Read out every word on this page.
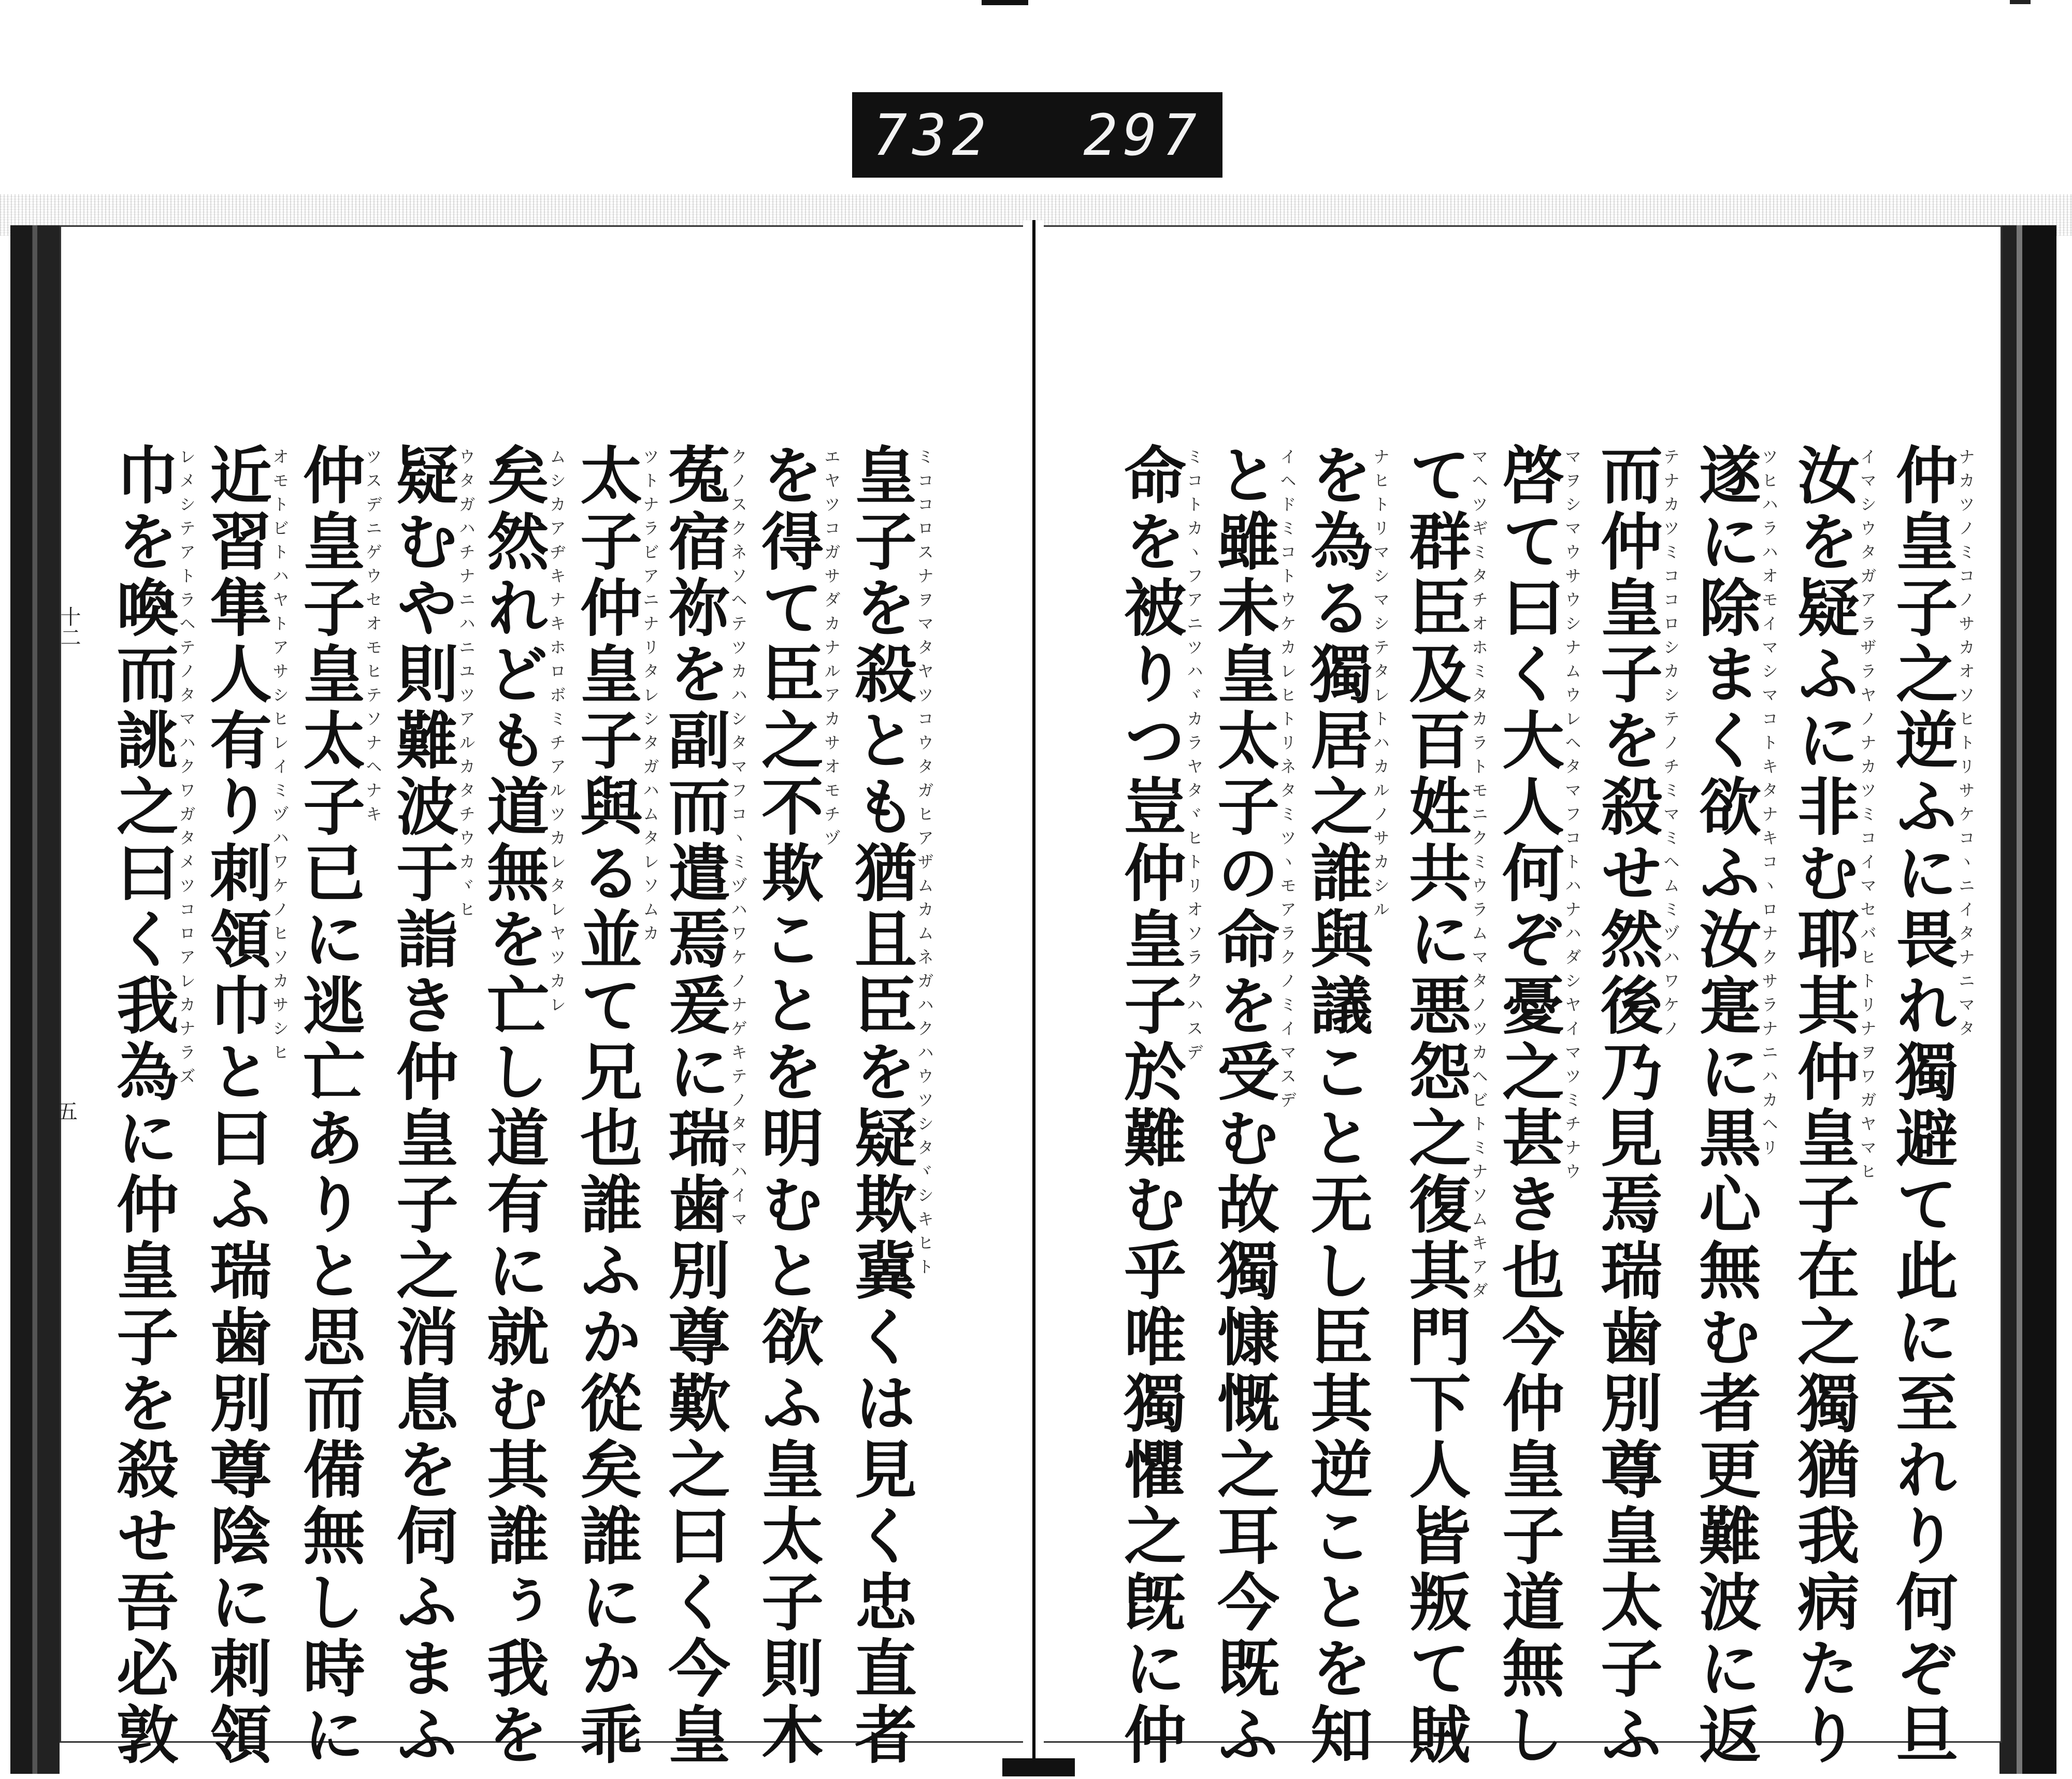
732 297
十二
五	仲皇子之逆ふに畏れ獨避て此に至れり何ぞ旦
ナカツノミコノサカオソヒトリサケコヽニイタナニマタ
汝を疑ふに非む耶其仲皇子在之獨猶我病たり
イマシウタガアラザラヤノナカツミコイマセバヒトリナヲワガヤマヒ
遂に除まく欲ふ汝寔に黒心無む者更難波に返
ツヒハラハオモイマシマコトキタナキコヽロナクサラナニハカヘリ
而仲皇子を殺せ然後乃見焉瑞歯別尊皇太子ふ
テナカツミココロシカシテノチミマミヘムミヅハワケノ
啓て曰く大人何ぞ憂之甚き也今仲皇子道無し
マヲシマウサウシナムウレヘタマフコトハナハダシヤイマツミチナウ
て群臣及百姓共に悪怨之復其門下人皆叛て賊
マヘツギミタチオホミタカラトモニクミウラムマタノツカヘビトミナソムキアダ
を為る獨居之誰與議こと无し臣其逆ことを知
ナヒトリマシマシテタレトハカルノサカシル
と雖未皇太子の命を受む故獨慷慨之耳今既ふ
イヘドミコトウケカレヒトリネタミツヽモアラクノミイマスデ
命を被りつ豈仲皇子於難む乎唯獨懼之旣に仲
ミコトカヽフアニツハヾカラヤタヾヒトリオソラクハスデ
皇子を殺とも猶且臣を疑欺冀くは見く忠直者
ミココロスナヲマタヤツコウタガヒアザムカムネガハクハウツシタヾシキヒト
を得て臣之不欺ことを明むと欲ふ皇太子則木
エヤツコガサダカナルアカサオモチヅ
菟宿祢を副而遣焉爰に瑞歯別尊歎之曰く今皇
クノスクネソヘテツカハシタマフコヽミヅハワケノナゲキテノタマハイマ
太子仲皇子與る並て兄也誰ふか從矣誰にか乖
ツトナラビアニナリタレシタガハムタレソムカ
矣然れども道無を亡し道有に就む其誰ぅ我を
ムシカアヂキナキホロボミチアルツカレタレヤツカレ
疑むや則難波于詣き仲皇子之消息を伺ふまふ
ウタガハチナニハニユツアルカタチウカヾヒ
仲皇子皇太子已に逃亡ありと思而備無し時に
ツスデニゲウセオモヒテソナヘナキ
近習隼人有り刺領巾と曰ふ瑞歯別尊陰に刺領
オモトビトハヤトアサシヒレイミヅハワケノヒソカサシヒ
巾を喚而誂之曰く我為に仲皇子を殺せ吾必敦
レメシテアトラヘテノタマハクワガタメツコロアレカナラズ
